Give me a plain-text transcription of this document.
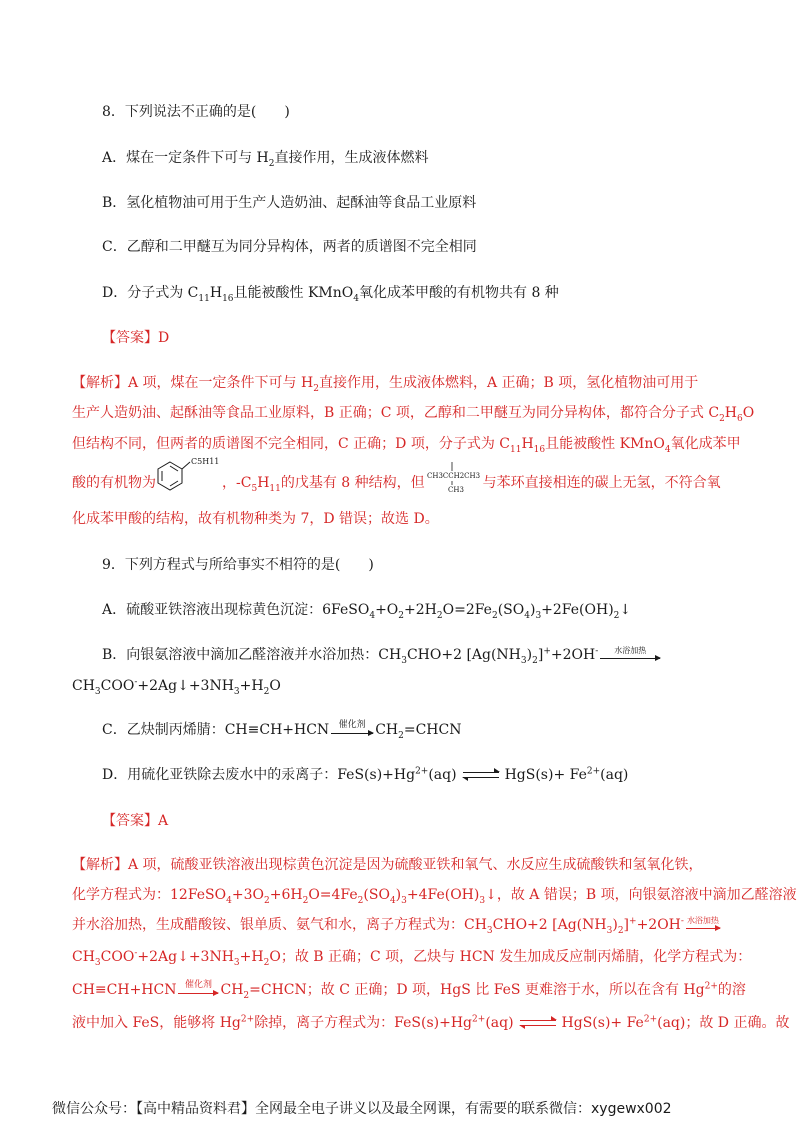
8．下列说法不正确的是(　　)
A．煤在一定条件下可与 $H_2$直接作用，生成液体燃料
B．氢化植物油可用于生产人造奶油、起酥油等食品工业原料
C．乙醇和二甲醚互为同分异构体，两者的质谱图不完全相同
D．分子式为 $C_{11}H_{16}$且能被酸性 KMnO$_4$氧化成苯甲酸的有机物共有 8 种
【答案】D
【解析】A 项，煤在一定条件下可与 $H_2$直接作用，生成液体燃料，A 正确；B 项，氢化植物油可用于
生产人造奶油、起酥油等食品工业原料，B 正确；C 项，乙醇和二甲醚互为同分异构体，都符合分子式 $C_2H_6O$
但结构不同，但两者的质谱图不完全相同，C 正确；D 项，分子式为 $C_{11}H_{16}$且能被酸性 KMnO$_4$氧化成苯甲
酸的有机物为
C5H11
，$-C_5H_{11}$的戊基有 8 种结构，但 CH3CCH2CH3
CH3 与苯环直接相连的碳上无氢，不符合氧
化成苯甲酸的结构，故有机物种类为 7，D 错误；故选 D。
9．下列方程式与所给事实不相符的是(　　)
A．硫酸亚铁溶液出现棕黄色沉淀：$6FeSO_4+O_2+2H_2O=2Fe_2(SO_4)_3+2Fe(OH)_2↓$
B．向银氨溶液中滴加乙醛溶液并水浴加热：$CH_3CHO+2$ $[Ag(NH_3)_2]^++2OH^-$	水浴加热
$CH_3COO^-+2Ag↓+3NH_3+H_2O$
C．乙炔制丙烯腈：CH≡CH+HCN	催化剂 $CH_2=CHCN$
D．用硫化亚铁除去废水中的汞离子：$FeS(s)+Hg^{2+}(aq)$	$HgS(s)+ Fe^{2+}(aq)$
【答案】A
【解析】A 项，硫酸亚铁溶液出现棕黄色沉淀是因为硫酸亚铁和氧气、水反应生成硫酸铁和氢氧化铁，
化学方程式为：$12FeSO_4+3O_2+6H_2O=4Fe_2(SO_4)_3+4Fe(OH)_3↓$，故 A 错误；B 项，向银氨溶液中滴加乙醛溶液
并水浴加热，生成醋酸铵、银单质、氨气和水，离子方程式为：$CH_3CHO+2$ $[Ag(NH_3)_2]^++2OH^-$ 水浴加热
$CH_3COO^-+2Ag↓+3NH_3+H_2O$；故 B 正确；C 项，乙炔与 HCN 发生加成反应制丙烯腈，化学方程式为：
CH≡CH+HCN 催化剂 $CH_2=CHCN$；故 C 正确；D 项，HgS 比 FeS 更难溶于水，所以在含有 $Hg^{2+}$的溶
液中加入 FeS，能够将 $Hg^{2+}$除掉，离子方程式为：$FeS(s)+Hg^{2+}(aq)$	$HgS(s)+ Fe^{2+}(aq)$；故 D 正确。故
微信公众号：【高中精品资料君】全网最全电子讲义以及最全网课，有需要的联系微信：xygewx002
